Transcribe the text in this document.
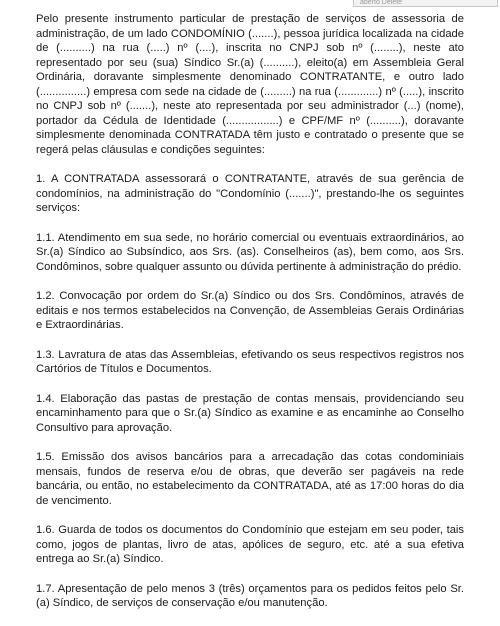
aberto Delete

Pelo presente instrumento particular de prestação de serviços de assessoria de administração, de um lado CONDOMÍNIO (.......), pessoa jurídica localizada na cidade de (..........) na rua (.....) nº (....), inscrita no CNPJ sob nº (........), neste ato representado por seu (sua) Síndico Sr.(a) (..........), eleito(a) em Assembleia Geral Ordinária, doravante simplesmente denominado CONTRATANTE, e outro lado (...............) empresa com sede na cidade de (.........) na rua (.............) nº (.....), inscrito no CNPJ sob nº (.......), neste ato representada por seu administrador (...) (nome), portador da Cédula de Identidade (.................) e CPF/MF nº (..........), doravante simplesmente denominada CONTRATADA têm justo e contratado o presente que se regerá pelas cláusulas e condições seguintes:

1. A CONTRATADA assessorará o CONTRATANTE, através de sua gerência de condomínios, na administração do "Condomínio (.......)", prestando-lhe os seguintes serviços:

1.1. Atendimento em sua sede, no horário comercial ou eventuais extraordinários, ao Sr.(a) Síndico ao Subsíndico, aos Srs. (as). Conselheiros (as), bem como, aos Srs. Condôminos, sobre qualquer assunto ou dúvida pertinente à administração do prédio.

1.2. Convocação por ordem do Sr.(a) Síndico ou dos Srs. Condôminos, através de editais e nos termos estabelecidos na Convenção, de Assembleias Gerais Ordinárias e Extraordinárias.

1.3. Lavratura de atas das Assembleias, efetivando os seus respectivos registros nos Cartórios de Títulos e Documentos.

1.4. Elaboração das pastas de prestação de contas mensais, providenciando seu encaminhamento para que o Sr.(a) Síndico as examine e as encaminhe ao Conselho Consultivo para aprovação.

1.5. Emissão dos avisos bancários para a arrecadação das cotas condominiais mensais, fundos de reserva e/ou de obras, que deverão ser pagáveis na rede bancária, ou então, no estabelecimento da CONTRATADA, até as 17:00 horas do dia de vencimento.

1.6. Guarda de todos os documentos do Condomínio que estejam em seu poder, tais como, jogos de plantas, livro de atas, apólices de seguro, etc. até a sua efetiva entrega ao Sr.(a) Síndico.

1.7. Apresentação de pelo menos 3 (três) orçamentos para os pedidos feitos pelo Sr.(a) Síndico, de serviços de conservação e/ou manutenção.
